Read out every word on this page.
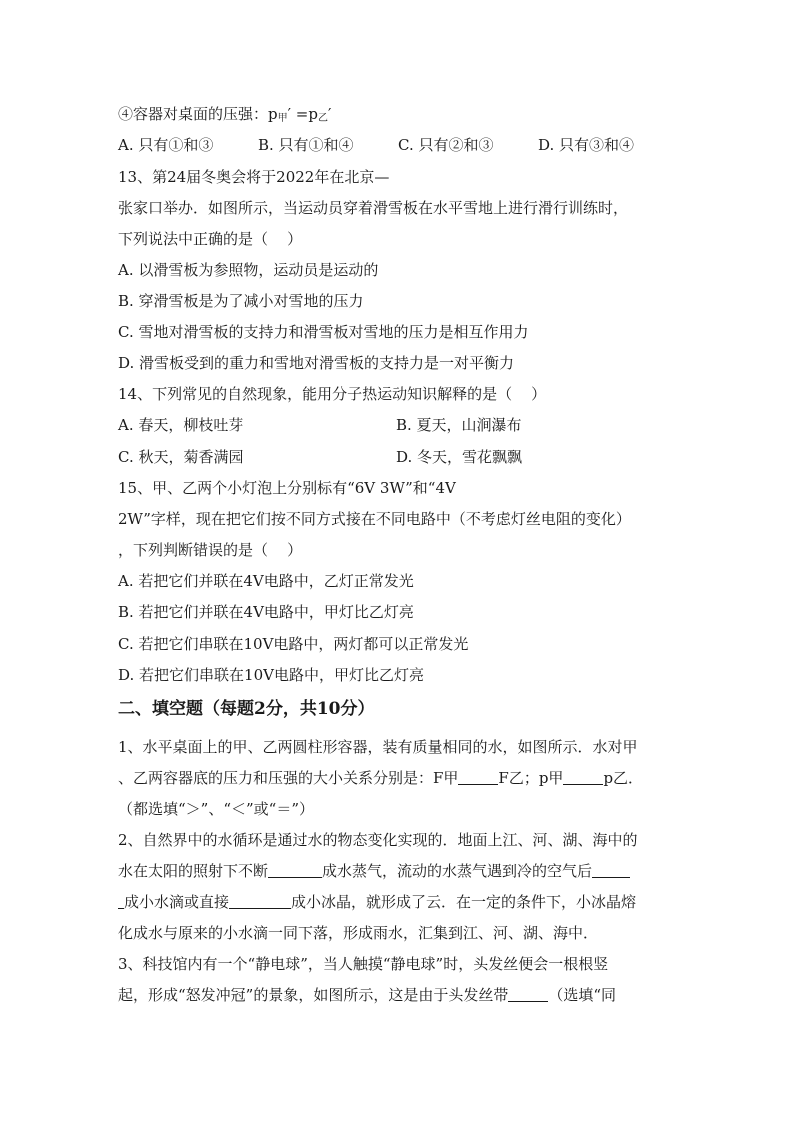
④容器对桌面的压强：$p_甲' =p_乙'$
A. 只有①和③	B. 只有①和④	C. 只有②和③	D. 只有③和④
13、第24届冬奥会将于2022年在北京—
张家口举办．如图所示，当运动员穿着滑雪板在水平雪地上进行滑行训练时，
下列说法中正确的是（    ）
A. 以滑雪板为参照物，运动员是运动的
B. 穿滑雪板是为了减小对雪地的压力
C. 雪地对滑雪板的支持力和滑雪板对雪地的压力是相互作用力
D. 滑雪板受到的重力和雪地对滑雪板的支持力是一对平衡力
14、下列常见的自然现象，能用分子热运动知识解释的是（    ）
A. 春天，柳枝吐芽	B. 夏天，山涧瀑布
C. 秋天，菊香满园	D. 冬天，雪花飘飘
15、甲、乙两个小灯泡上分别标有“6V 3W”和“4V
2W”字样，现在把它们按不同方式接在不同电路中（不考虑灯丝电阻的变化）
，下列判断错误的是（    ）
A. 若把它们并联在4V电路中，乙灯正常发光
B. 若把它们并联在4V电路中，甲灯比乙灯亮
C. 若把它们串联在10V电路中，两灯都可以正常发光
D. 若把它们串联在10V电路中，甲灯比乙灯亮
二、填空题（每题2分，共10分）
1、水平桌面上的甲、乙两圆柱形容器，装有质量相同的水，如图所示．水对甲
、乙两容器底的压力和压强的大小关系分别是：F甲	F乙；p甲	p乙．
（都选填“＞”、“＜”或“＝”）
2、自然界中的水循环是通过水的物态变化实现的．地面上江、河、湖、海中的
水在太阳的照射下不断	成水蒸气，流动的水蒸气遇到冷的空气后
成小水滴或直接	成小冰晶，就形成了云．在一定的条件下，小冰晶熔
化成水与原来的小水滴一同下落，形成雨水，汇集到江、河、湖、海中．
3、科技馆内有一个“静电球”，当人触摸“静电球”时，头发丝便会一根根竖
起，形成“怒发冲冠”的景象，如图所示，这是由于头发丝带	（选填“同
